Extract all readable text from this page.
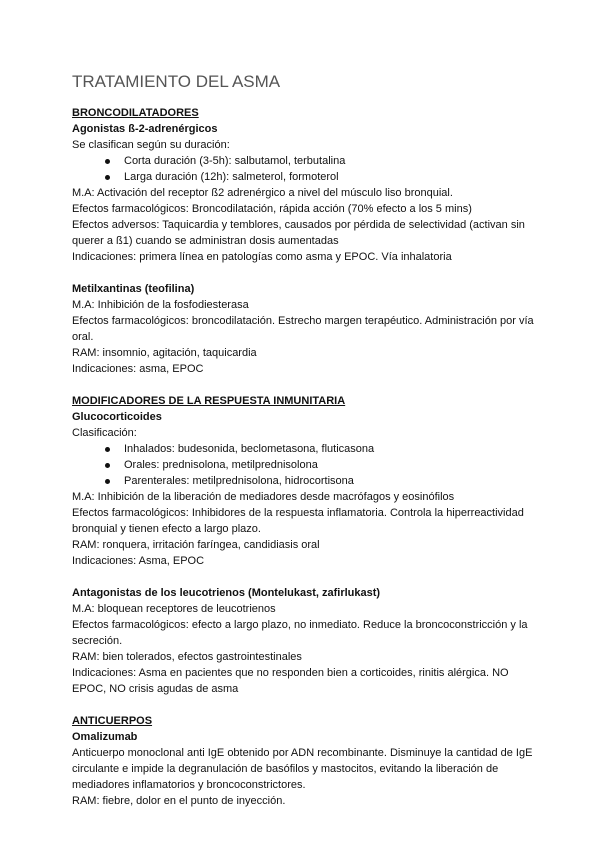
TRATAMIENTO DEL ASMA

BRONCODILATADORES

Agonistas ß-2-adrenérgicos

Se clasifican según su duración:

Corta duración (3-5h): salbutamol, terbutalina
Larga duración (12h): salmeterol, formoterol

M.A: Activación del receptor ß2 adrenérgico a nivel del músculo liso bronquial.

Efectos farmacológicos: Broncodilatación, rápida acción (70% efecto a los 5 mins)

Efectos adversos: Taquicardia y temblores, causados por pérdida de selectividad (activan sin querer a ß1) cuando se administran dosis aumentadas

Indicaciones: primera línea en patologías como asma y EPOC. Vía inhalatoria

Metilxantinas (teofilina)

M.A: Inhibición de la fosfodiesterasa

Efectos farmacológicos: broncodilatación. Estrecho margen terapéutico. Administración por vía oral.

RAM: insomnio, agitación, taquicardia

Indicaciones: asma, EPOC

MODIFICADORES DE LA RESPUESTA INMUNITARIA

Glucocorticoides

Clasificación:

Inhalados: budesonida, beclometasona, fluticasona
Orales: prednisolona, metilprednisolona
Parenterales: metilprednisolona, hidrocortisona

M.A: Inhibición de la liberación de mediadores desde macrófagos y eosinófilos

Efectos farmacológicos: Inhibidores de la respuesta inflamatoria. Controla la hiperreactividad bronquial y tienen efecto a largo plazo.

RAM: ronquera, irritación faríngea, candidiasis oral

Indicaciones: Asma, EPOC

Antagonistas de los leucotrienos (Montelukast, zafirlukast)

M.A: bloquean receptores de leucotrienos

Efectos farmacológicos: efecto a largo plazo, no inmediato. Reduce la broncoconstricción y la secreción.

RAM: bien tolerados, efectos gastrointestinales

Indicaciones: Asma en pacientes que no responden bien a corticoides, rinitis alérgica. NO EPOC, NO crisis agudas de asma

ANTICUERPOS

Omalizumab

Anticuerpo monoclonal anti IgE obtenido por ADN recombinante. Disminuye la cantidad de IgE circulante e impide la degranulación de basófilos y mastocitos, evitando la liberación de mediadores inflamatorios y broncoconstrictores.

RAM: fiebre, dolor en el punto de inyección.
